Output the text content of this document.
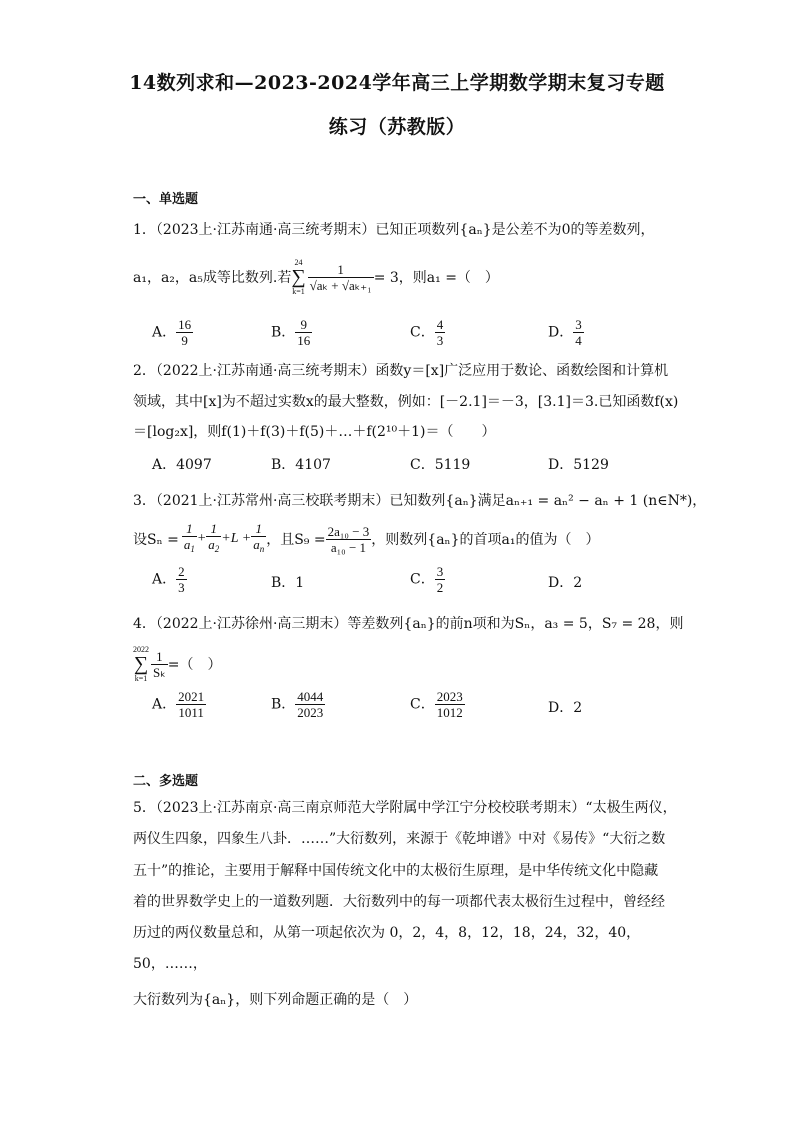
14数列求和—2023-2024学年高三上学期数学期末复习专题
练习（苏教版）
一、单选题
1．（2023上·江苏南通·高三统考期末）已知正项数列{aₙ}是公差不为0的等差数列，
a₁，a₂，a₅成等比数列.若
24
∑
$k=1 \frac{1}{\text{√aₖ + √aₖ₊₁}} = 3$，则a₁ =（　）
A． $\frac{16}{9}$	B． $\frac{9}{16}$	C． $\frac{4}{3}$	D． $\frac{3}{4}$
2．（2022上·江苏南通·高三统考期末）函数y＝[x]广泛应用于数论、函数绘图和计算机
领域，其中[x]为不超过实数x的最大整数，例如：[－2.1]＝－3，[3.1]＝3.已知函数f(x)
＝[log₂x]，则f(1)＋f(3)＋f(5)＋…＋f(2¹⁰＋1)＝（　　）
A．4097	B．4107	C．5119	D．5129
3．（2021上·江苏常州·高三校联考期末）已知数列{aₙ}满足aₙ₊₁ = aₙ² − aₙ + 1 (n∈N*)，
设$S_n = \frac{1}{a_1} + \frac{1}{a_2} +L + \frac{1}{a_n}$ ，且$S_9 = \frac{\text{2a₁₀ − 3}}{\text{a₁₀ − 1}}$ ，则数列{aₙ}的首项a₁的值为（　）
A． $\frac{2}{3}$	B．1	C． $\frac{3}{2}$	D．2
4．（2022上·江苏徐州·高三期末）等差数列{aₙ}的前n项和为Sₙ，a₃ = 5，S₇ = 28，则
2022
∑
$k=1 \frac{1}{\text{Sₖ}}$ =（　）
A． $\frac{2021}{1011}$	B． $\frac{4044}{2023}$	C． $\frac{2023}{1012}$	D．2
二、多选题
5．（2023上·江苏南京·高三南京师范大学附属中学江宁分校校联考期末）“太极生两仪，
两仪生四象，四象生八卦．……”大衍数列，来源于《乾坤谱》中对《易传》“大衍之数
五十”的推论，主要用于解释中国传统文化中的太极衍生原理，是中华传统文化中隐藏
着的世界数学史上的一道数列题．大衍数列中的每一项都代表太极衍生过程中，曾经经
历过的两仪数量总和，从第一项起依次为 0，2，4，8，12，18，24，32，40，
50，……，
大衍数列为{aₙ}，则下列命题正确的是（　）
